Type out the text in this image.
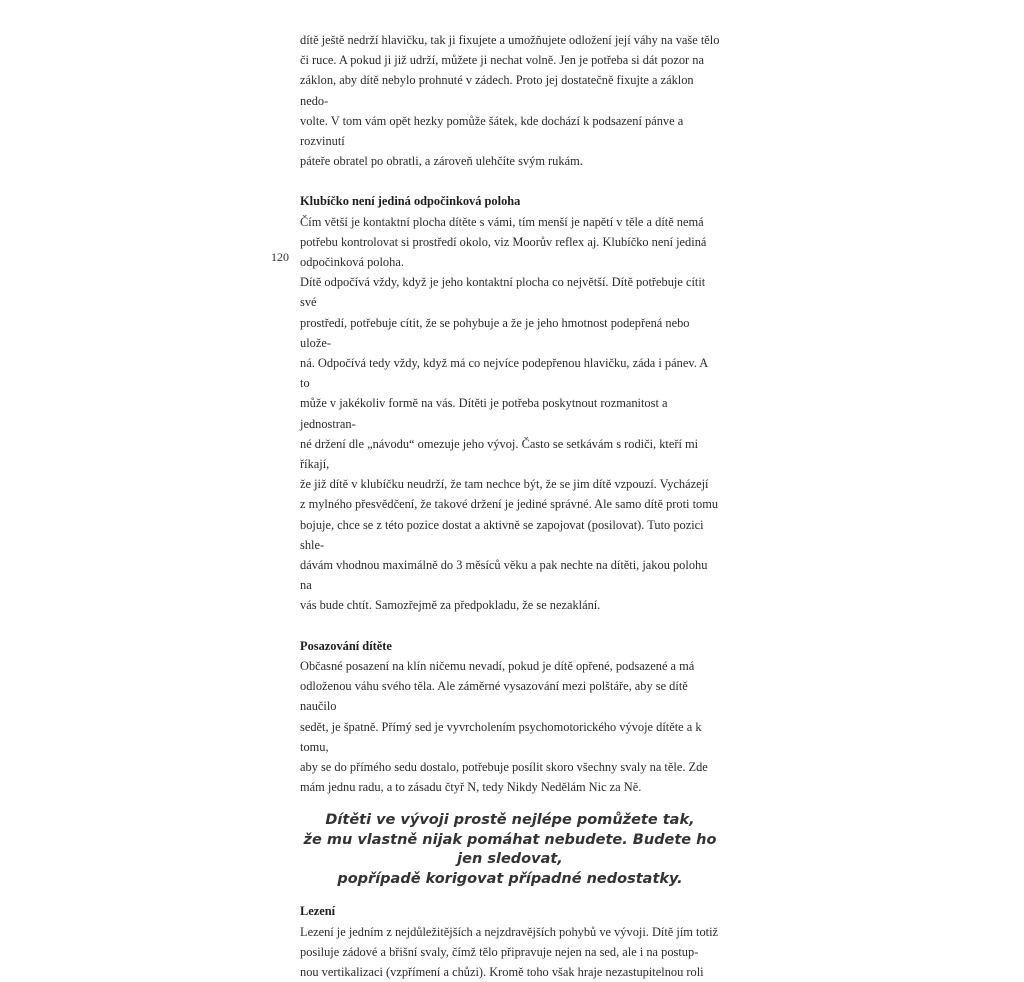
120

dítě ještě nedrží hlavičku, tak ji fixujete a umožňujete odložení její váhy na vaše tělo

či ruce. A pokud ji již udrží, můžete ji nechat volně. Jen je potřeba si dát pozor na

záklon, aby dítě nebylo prohnuté v zádech. Proto jej dostatečně fixujte a záklon nedo-

volte. V tom vám opět hezky pomůže šátek, kde dochází k podsazení pánve a rozvinutí

páteře obratel po obratli, a zároveň ulehčíte svým rukám.

Klubíčko není jediná odpočinková poloha

Čím větší je kontaktní plocha dítěte s vámi, tím menší je napětí v těle a dítě nemá

potřebu kontrolovat si prostředí okolo, viz Moorův reflex aj. Klubíčko není jediná

odpočinková poloha.

Dítě odpočívá vždy, když je jeho kontaktní plocha co největší. Dítě potřebuje cítit své

prostředí, potřebuje cítit, že se pohybuje a že je jeho hmotnost podepřená nebo ulože-

ná. Odpočívá tedy vždy, když má co nejvíce podepřenou hlavičku, záda i pánev. A to

může v jakékoliv formě na vás. Dítěti je potřeba poskytnout rozmanitost a jednostran-

né držení dle „návodu“ omezuje jeho vývoj. Často se setkávám s rodiči, kteří mi říkají,

že již dítě v klubíčku neudrží, že tam nechce být, že se jim dítě vzpouzí. Vycházejí

z mylného přesvědčení, že takové držení je jediné správné. Ale samo dítě proti tomu

bojuje, chce se z této pozice dostat a aktivně se zapojovat (posilovat). Tuto pozici shle-

dávám vhodnou maximálně do 3 měsíců věku a pak nechte na dítěti, jakou polohu na

vás bude chtít. Samozřejmě za předpokladu, že se nezaklání.

Posazování dítěte

Občasné posazení na klín ničemu nevadí, pokud je dítě opřené, podsazené a má

odloženou váhu svého těla. Ale záměrné vysazování mezi polštáře, aby se dítě naučilo

sedět, je špatně. Přímý sed je vyvrcholením psychomotorického vývoje dítěte a k tomu,

aby se do přímého sedu dostalo, potřebuje posílit skoro všechny svaly na těle. Zde

mám jednu radu, a to zásadu čtyř N, tedy Nikdy Nedělám Nic za Ně.

Dítěti ve vývoji prostě nejlépe pomůžete tak,
že mu vlastně nijak pomáhat nebudete. Budete ho jen sledovat,
popřípadě korigovat případné nedostatky.
Lezení

Lezení je jedním z nejdůležitějších a nejzdravějších pohybů ve vývoji. Dítě jím totiž

posiluje zádové a břišní svaly, čímž tělo připravuje nejen na sed, ale i na postup-

nou vertikalizaci (vzpřímení a chůzi). Kromě toho však hraje nezastupitelnou roli
